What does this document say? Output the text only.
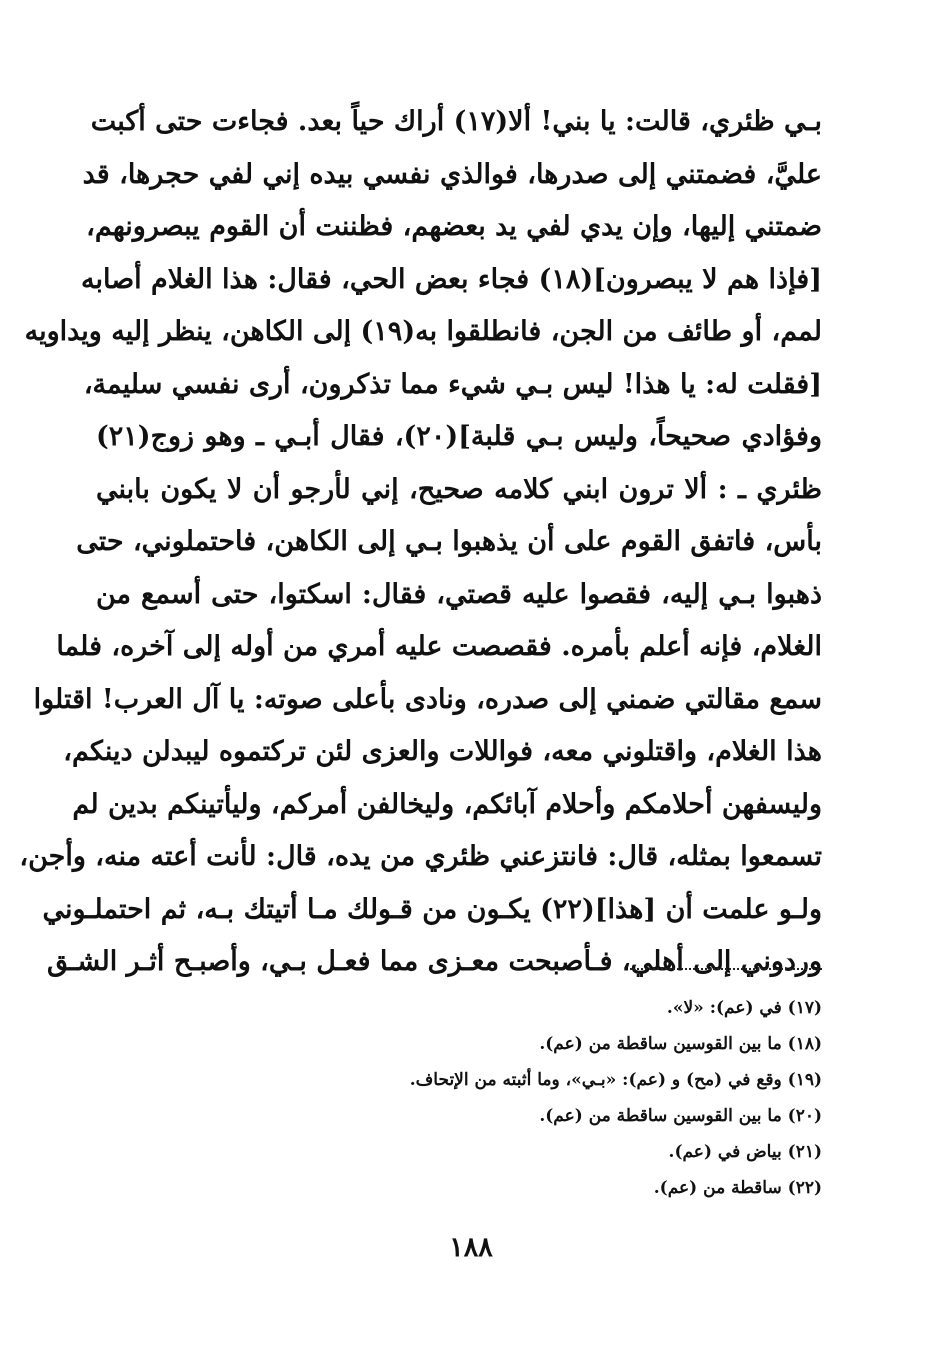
بـي ظئري، قالت: يا بني! ألا(١٧) أراك حياً بعد. فجاءت حتى أكبت
عليَّ، فضمتني إلى صدرها، فوالذي نفسي بيده إني لفي حجرها، قد
ضمتني إليها، وإن يدي لفي يد بعضهم، فظننت أن القوم يبصرونهم،
[فإذا هم لا يبصرون](١٨) فجاء بعض الحي، فقال: هذا الغلام أصابه
لمم، أو طائف من الجن، فانطلقوا به(١٩) إلى الكاهن، ينظر إليه ويداويه
[فقلت له: يا هذا! ليس بـي شيء مما تذكرون، أرى نفسي سليمة،
وفؤادي صحيحاً، وليس بـي قلبة](٢٠)، فقال أبـي ـ وهو زوج(٢١)
ظئري ـ : ألا ترون ابني كلامه صحيح، إني لأرجو أن لا يكون بابني
بأس، فاتفق القوم على أن يذهبوا بـي إلى الكاهن، فاحتملوني، حتى
ذهبوا بـي إليه، فقصوا عليه قصتي، فقال: اسكتوا، حتى أسمع من
الغلام، فإنه أعلم بأمره. فقصصت عليه أمري من أوله إلى آخره، فلما
سمع مقالتي ضمني إلى صدره، ونادى بأعلى صوته: يا آل العرب! اقتلوا
هذا الغلام، واقتلوني معه، فواللات والعزى لئن تركتموه ليبدلن دينكم،
وليسفهن أحلامكم وأحلام آبائكم، وليخالفن أمركم، وليأتينكم بدين لم
تسمعوا بمثله، قال: فانتزعني ظئري من يده، قال: لأنت أعته منه، وأجن،
ولـو علمت أن [هذا](٢٢) يكـون من قـولك مـا أتيتك بـه، ثم احتملـوني
وردوني إلى أهلي، فـأصبحت معـزى مما فعـل بـي، وأصبـح أثـر الشـق
(١٧) في (عم): «لا».
(١٨) ما بين القوسين ساقطة من (عم).
(١٩) وقع في (مح) و (عم): «بـي»، وما أثبته من الإتحاف.
(٢٠) ما بين القوسين ساقطة من (عم).
(٢١) بياض في (عم).
(٢٢) ساقطة من (عم).
١٨٨
